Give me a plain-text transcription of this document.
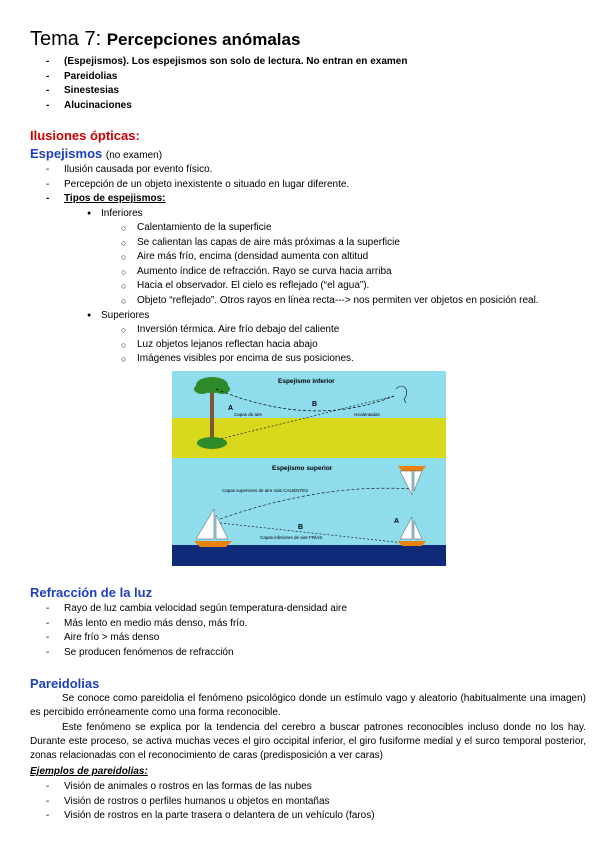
Tema 7: Percepciones anómalas
- (Espejismos). Los espejismos son solo de lectura. No entran en examen
- Pareidolias
- Sinestesias
- Alucinaciones
Ilusiones ópticas:
Espejismos (no examen)
- Ilusión causada por evento físico.
- Percepción de un objeto inexistente o situado en lugar diferente.
- Tipos de espejismos:
● Inferiores
○ Calentamiento de la superficie
○ Se calientan las capas de aire más próximas a la superficie
○ Aire más frío, encima (densidad aumenta con altitud
○ Aumento índice de refracción. Rayo se curva hacia arriba
○ Hacia el observador. El cielo es reflejado (“el agua”).
○ Objeto “reflejado”. Otros rayos en línea recta---> nos permiten ver objetos en posición real.
● Superiores
○ Inversión térmica. Aire frío debajo del caliente
○ Luz objetos lejanos reflectan hacia abajo
○ Imágenes visibles por encima de sus posiciones.
A
B
Espejismo inferior
Capas de aire	recalentadas
Espejismo superior
Capas superiores de aire más CALIENTES
Capas inferiores de aire FRÍAS
B
A
Refracción de la luz
- Rayo de luz cambia velocidad según temperatura-densidad aire
- Más lento en medio más denso, más frío.
- Aire frío > más denso
- Se producen fenómenos de refracción
Pareidolias

Se conoce como pareidolia el fenómeno psicológico donde un estímulo vago y aleatorio (habitualmente una imagen) es percibido erróneamente como una forma reconocible.

Este fenómeno se explica por la tendencia del cerebro a buscar patrones reconocibles incluso donde no los hay. Durante este proceso, se activa muchas veces el giro occipital inferior, el giro fusiforme medial y el surco temporal posterior, zonas relacionadas con el reconocimiento de caras (predisposición a ver caras)

Ejemplos de pareidolias:
- Visión de animales o rostros en las formas de las nubes
- Visión de rostros o perfiles humanos u objetos en montañas
- Visión de rostros en la parte trasera o delantera de un vehículo (faros)
